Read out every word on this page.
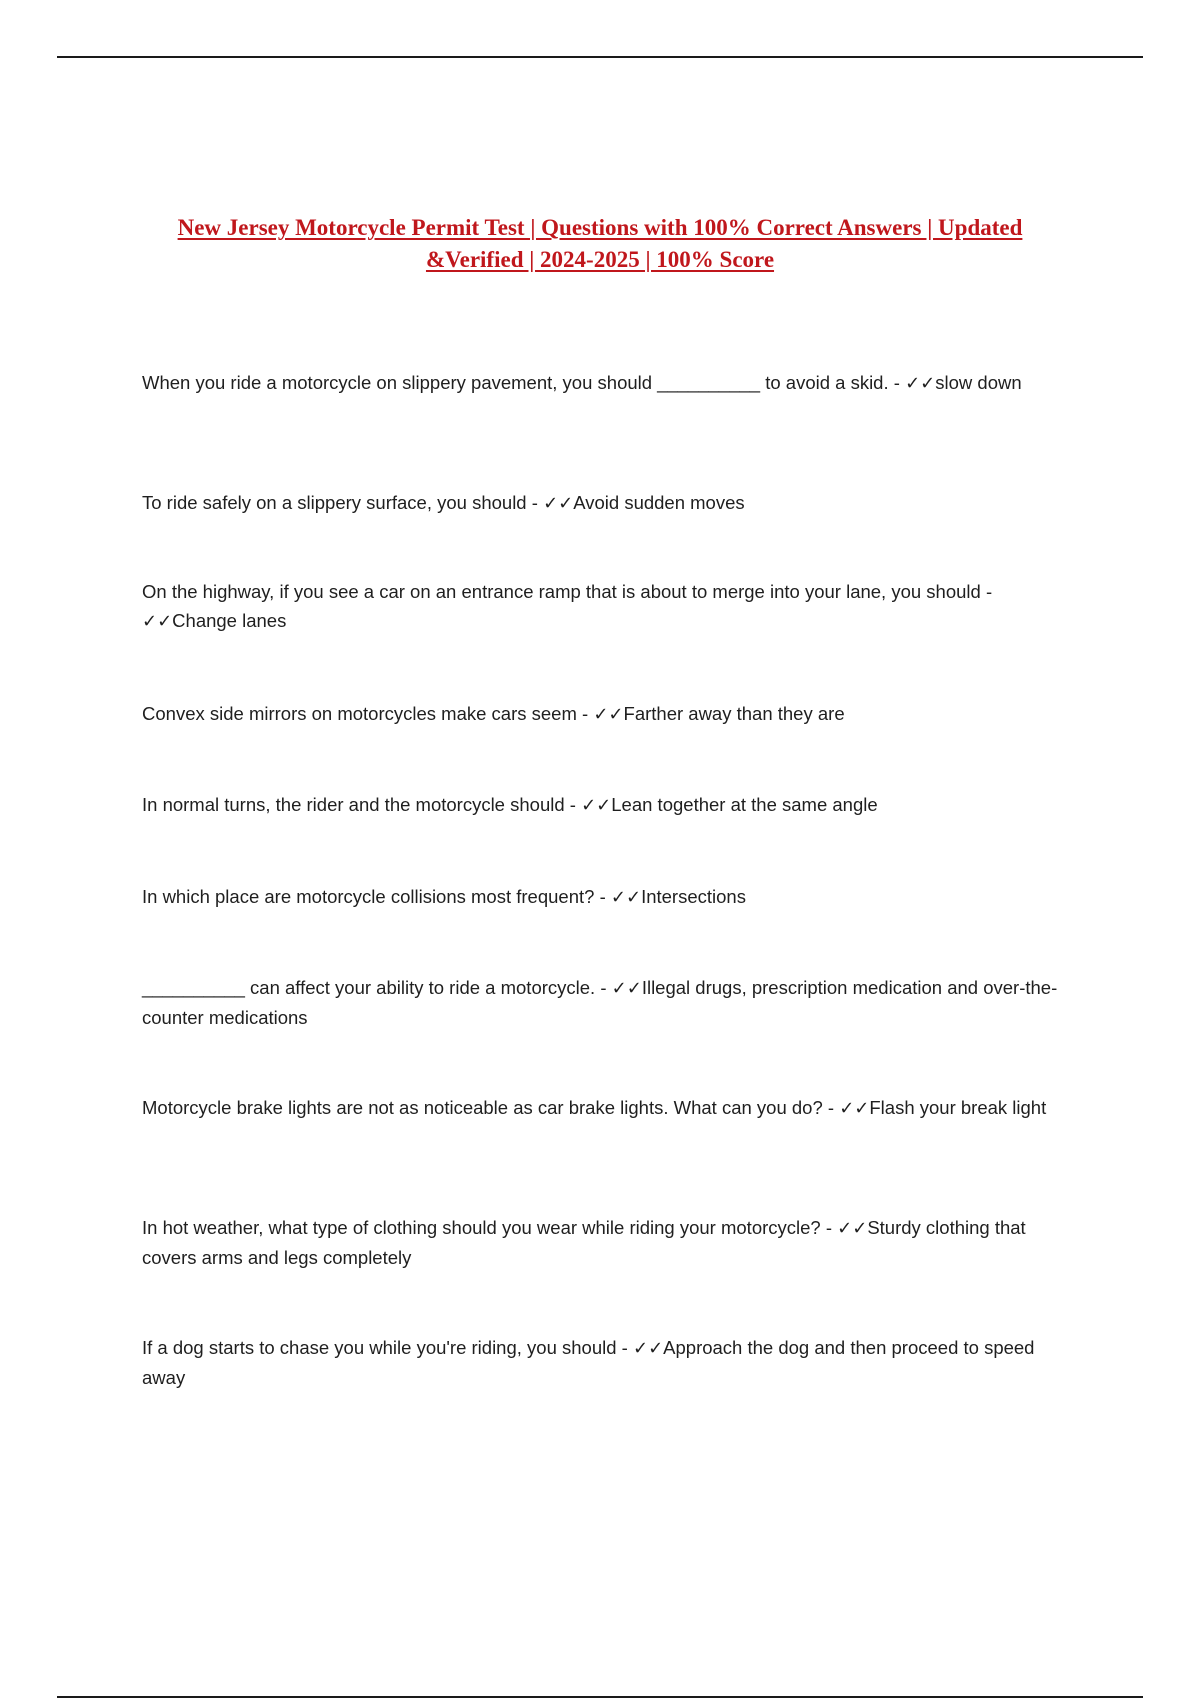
New Jersey Motorcycle Permit Test | Questions with 100% Correct Answers | Updated &Verified | 2024-2025 | 100% Score

When you ride a motorcycle on slippery pavement, you should __________ to avoid a skid. - ✓✓slow down

To ride safely on a slippery surface, you should - ✓✓Avoid sudden moves

On the highway, if you see a car on an entrance ramp that is about to merge into your lane, you should - ✓✓Change lanes

Convex side mirrors on motorcycles make cars seem - ✓✓Farther away than they are

In normal turns, the rider and the motorcycle should - ✓✓Lean together at the same angle

In which place are motorcycle collisions most frequent? - ✓✓Intersections

__________ can affect your ability to ride a motorcycle. - ✓✓Illegal drugs, prescription medication and over-the-counter medications

Motorcycle brake lights are not as noticeable as car brake lights. What can you do? - ✓✓Flash your break light

In hot weather, what type of clothing should you wear while riding your motorcycle? - ✓✓Sturdy clothing that covers arms and legs completely

If a dog starts to chase you while you're riding, you should - ✓✓Approach the dog and then proceed to speed away
